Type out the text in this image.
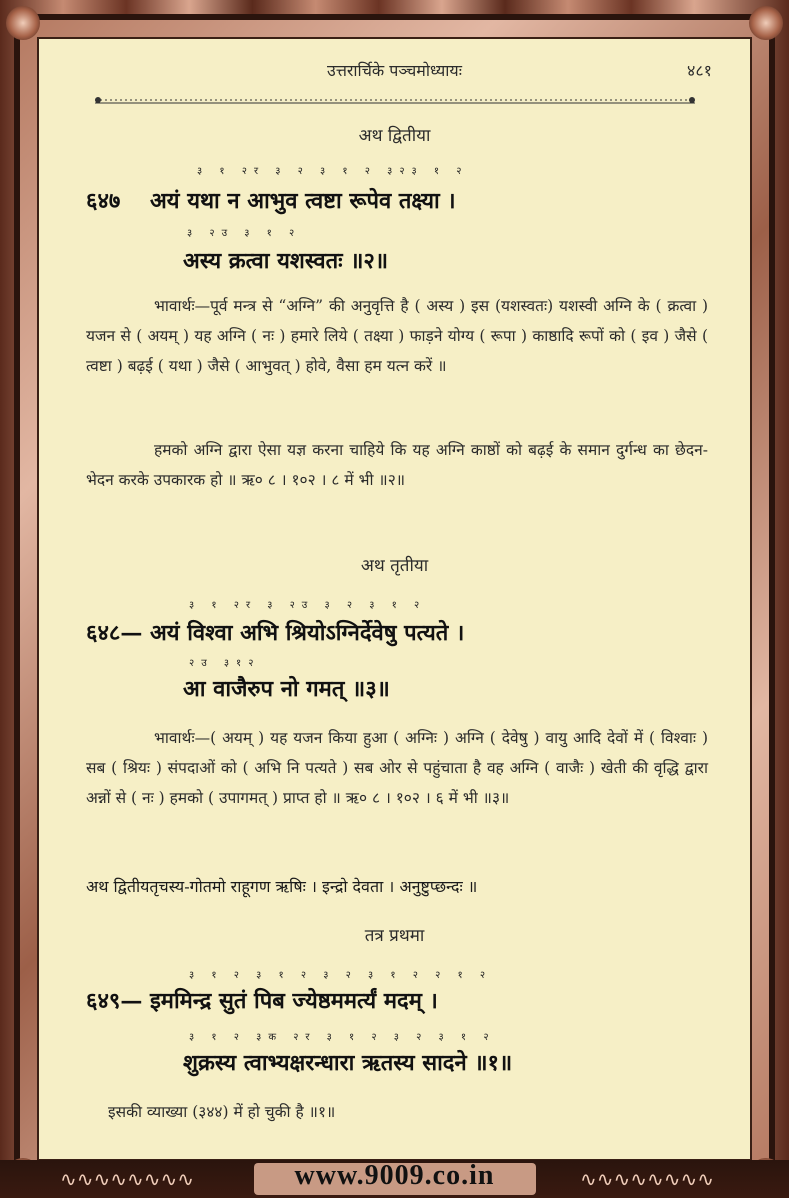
उत्तरार्चिके पञ्चमोध्यायः	४८१
अथ द्वितीया
३ १ २र ३ २ ३ १ २ ३२३ १ २
६४७ अयं यथा न आभुव त्वष्टा रूपेव तक्ष्या ।
३ २उ ३ १ २
अस्य क्रत्वा यशस्वतः ॥२॥

भावार्थः—पूर्व मन्त्र से “अग्नि” की अनुवृत्ति है ( अस्य ) इस (यशस्वतः) यशस्वी अग्नि के ( क्रत्वा ) यजन से ( अयम् ) यह अग्नि ( नः ) हमारे लिये ( तक्ष्या ) फाड़ने योग्य ( रूपा ) काष्ठादि रूपों को ( इव ) जैसे ( त्वष्टा ) बढ़ई ( यथा ) जैसे ( आभुवत् ) होवे, वैसा हम यत्न करें ॥

हमको अग्नि द्वारा ऐसा यज्ञ करना चाहिये कि यह अग्नि काष्ठों को बढ़ई के समान दुर्गन्ध का छेदन-भेदन करके उपकारक हो ॥ ऋ० ८ । १०२ । ८ में भी ॥२॥

अथ तृतीया
३ १ २र ३ २उ ३ २ ३ १ २
६४८— अयं विश्वा अभि श्रियोऽग्निर्देवेषु पत्यते ।
२उ ३१२
आ वाजैरुप नो गमत् ॥३॥

भावार्थः—( अयम् ) यह यजन किया हुआ ( अग्निः ) अग्नि ( देवेषु ) वायु आदि देवों में ( विश्वाः ) सब ( श्रियः ) संपदाओं को ( अभि नि पत्यते ) सब ओर से पहुंचाता है वह अग्नि ( वाजैः ) खेती की वृद्धि द्वारा अन्नों से ( नः ) हमको ( उपागमत् ) प्राप्त हो ॥ ऋ० ८ । १०२ । ६ में भी ॥३॥

अथ द्वितीयतृचस्य-गोतमो राहूगण ऋषिः । इन्द्रो देवता । अनुष्टुप्छन्दः ॥
तत्र प्रथमा
३ १ २ ३ १ २ ३ २ ३ १ २ २ १ २
६४९— इममिन्द्र सुतं पिब ज्येष्ठममर्त्यं मदम् ।
३ १ २ ३क २र ३ १ २ ३ २ ३ १ २
शुक्रस्य त्वाभ्यक्षरन्धारा ऋतस्य सादने ॥१॥

इसकी व्याख्या (३४४) में हो चुकी है ॥१॥

∿∿∿∿∿∿∿∿	∿∿∿∿∿∿∿∿
www.9009.co.in
